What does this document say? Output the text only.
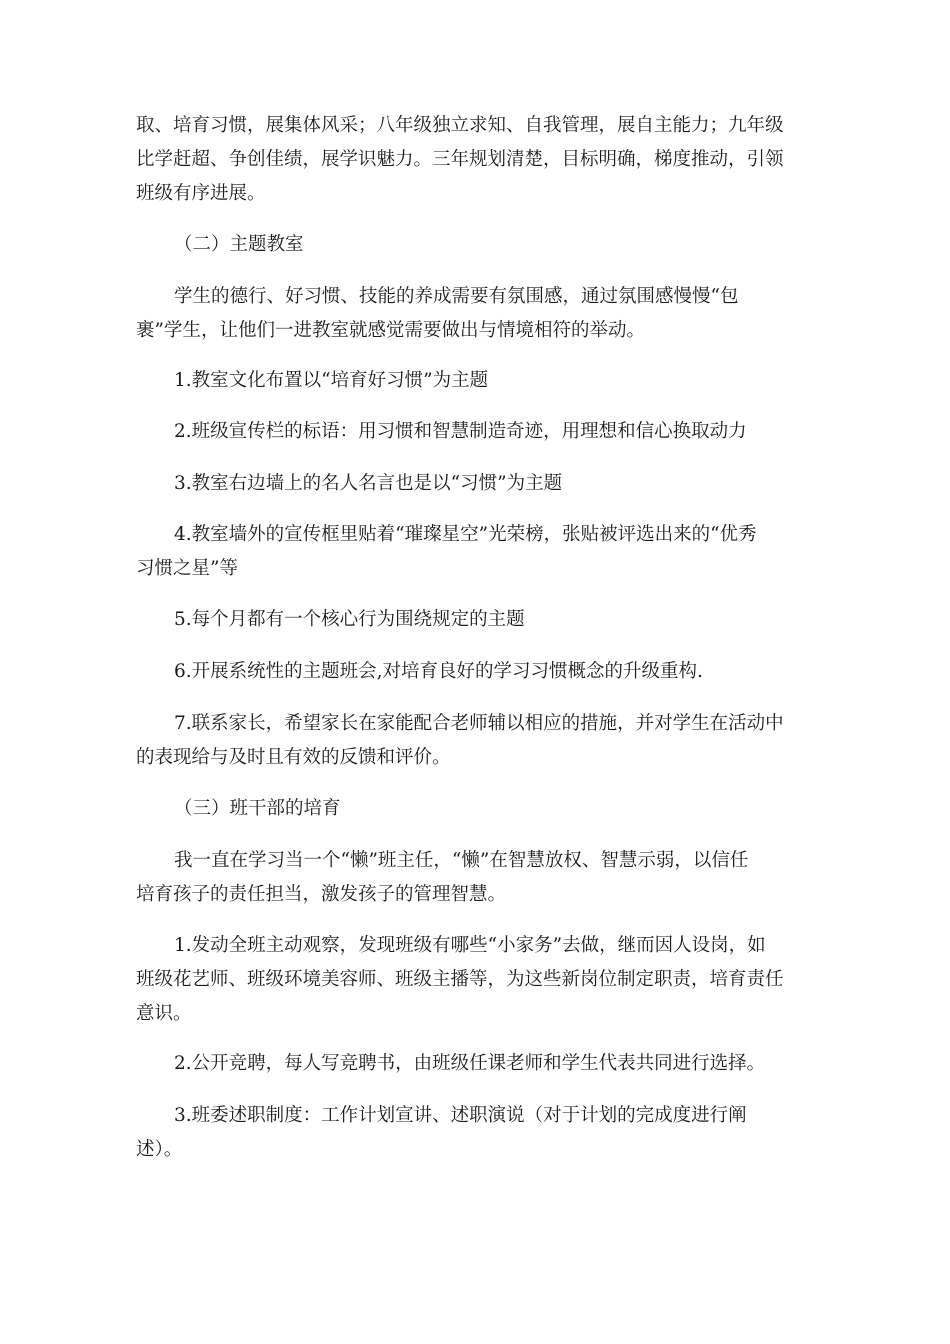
取、培育习惯，展集体风采；八年级独立求知、自我管理，展自主能力；九年级
比学赶超、争创佳绩，展学识魅力。三年规划清楚，目标明确，梯度推动，引领
班级有序进展。
（二）主题教室
学生的德行、好习惯、技能的养成需要有氛围感，通过氛围感慢慢“包
裹”学生，让他们一进教室就感觉需要做出与情境相符的举动。
1.教室文化布置以“培育好习惯”为主题
2.班级宣传栏的标语：用习惯和智慧制造奇迹，用理想和信心换取动力
3.教室右边墙上的名人名言也是以“习惯”为主题
4.教室墙外的宣传框里贴着“璀璨星空”光荣榜，张贴被评选出来的“优秀
习惯之星”等
5.每个月都有一个核心行为围绕规定的主题
6.开展系统性的主题班会,对培育良好的学习习惯概念的升级重构.
7.联系家长，希望家长在家能配合老师辅以相应的措施，并对学生在活动中
的表现给与及时且有效的反馈和评价。
（三）班干部的培育
我一直在学习当一个“懒”班主任，“懒”在智慧放权、智慧示弱，以信任
培育孩子的责任担当，激发孩子的管理智慧。
1.发动全班主动观察，发现班级有哪些“小家务”去做，继而因人设岗，如
班级花艺师、班级环境美容师、班级主播等，为这些新岗位制定职责，培育责任
意识。
2.公开竞聘，每人写竞聘书，由班级任课老师和学生代表共同进行选择。
3.班委述职制度：工作计划宣讲、述职演说（对于计划的完成度进行阐
述）。
